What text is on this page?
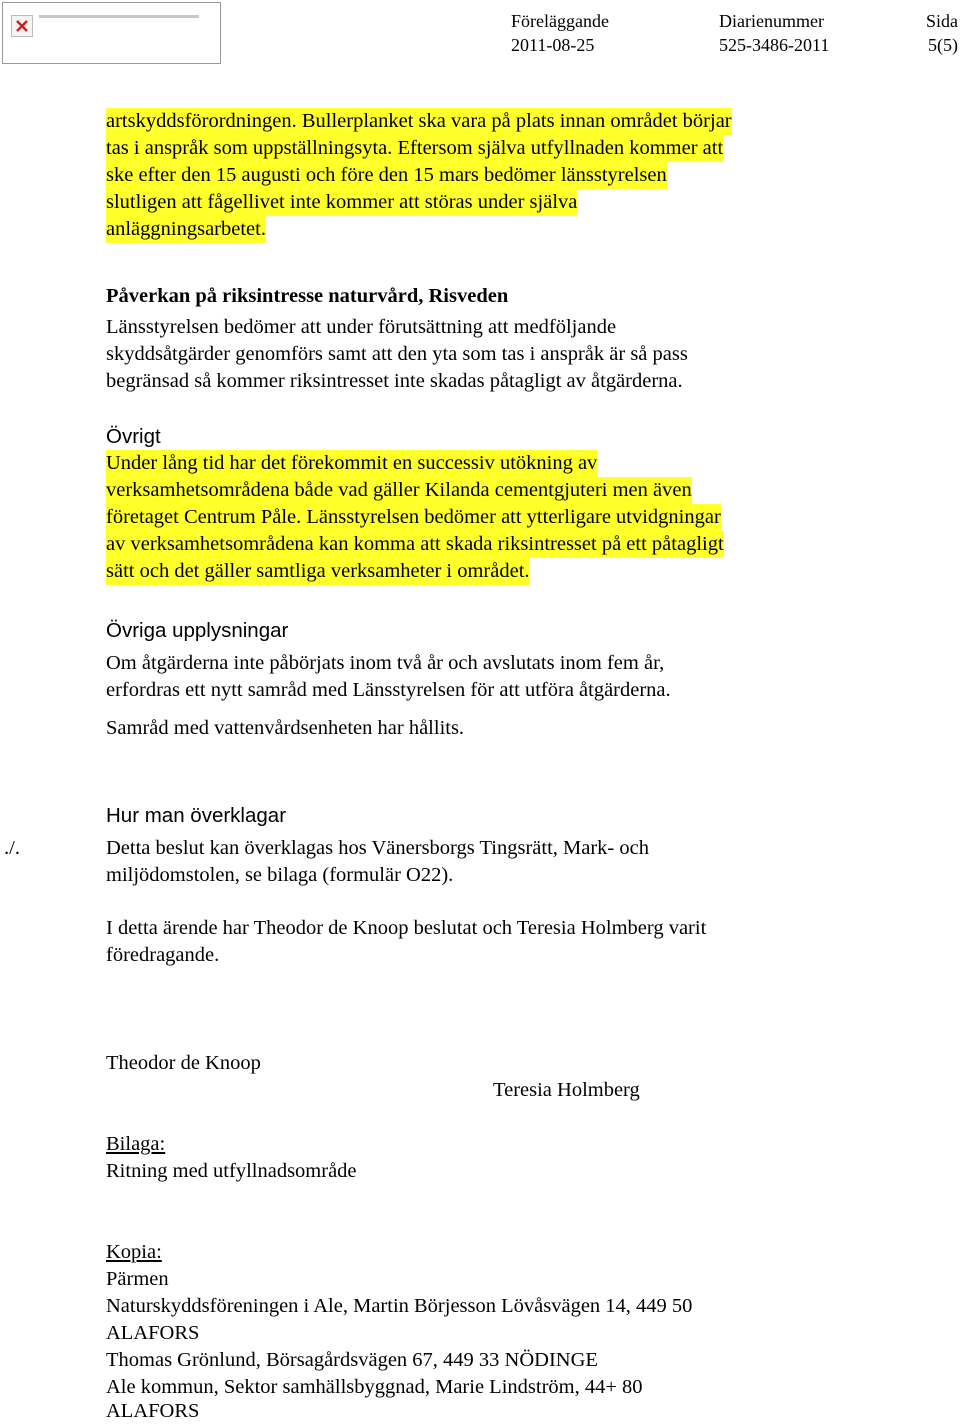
Föreläggande
2011-08-25
Diarienummer
525-3486-2011
Sida
5(5)
artskyddsförordningen. Bullerplanket ska vara på plats innan området börjar
tas i anspråk som uppställningsyta. Eftersom själva utfyllnaden kommer att
ske efter den 15 augusti och före den 15 mars bedömer länsstyrelsen
slutligen att fågellivet inte kommer att störas under själva
anläggningsarbetet.
Påverkan på riksintresse naturvård, Risveden
Länsstyrelsen bedömer att under förutsättning att medföljande
skyddsåtgärder genomförs samt att den yta som tas i anspråk är så pass
begränsad så kommer riksintresset inte skadas påtagligt av åtgärderna.
Övrigt
Under lång tid har det förekommit en successiv utökning av
verksamhetsområdena både vad gäller Kilanda cementgjuteri men även
företaget Centrum Påle. Länsstyrelsen bedömer att ytterligare utvidgningar
av verksamhetsområdena kan komma att skada riksintresset på ett påtagligt
sätt och det gäller samtliga verksamheter i området.
Övriga upplysningar
Om åtgärderna inte påbörjats inom två år och avslutats inom fem år,
erfordras ett nytt samråd med Länsstyrelsen för att utföra åtgärderna.
Samråd med vattenvårdsenheten har hållits.
Hur man överklagar
./.	Detta beslut kan överklagas hos Vänersborgs Tingsrätt, Mark- och
miljödomstolen, se bilaga (formulär O22).
I detta ärende har Theodor de Knoop beslutat och Teresia Holmberg varit
föredragande.
Theodor de Knoop
Teresia Holmberg
Bilaga:
Ritning med utfyllnadsområde
Kopia:
Pärmen
Naturskyddsföreningen i Ale, Martin Börjesson Lövåsvägen 14, 449 50
ALAFORS
Thomas Grönlund, Börsagårdsvägen 67, 449 33 NÖDINGE
Ale kommun, Sektor samhällsbyggnad, Marie Lindström, 44+ 80
ALAFORS
